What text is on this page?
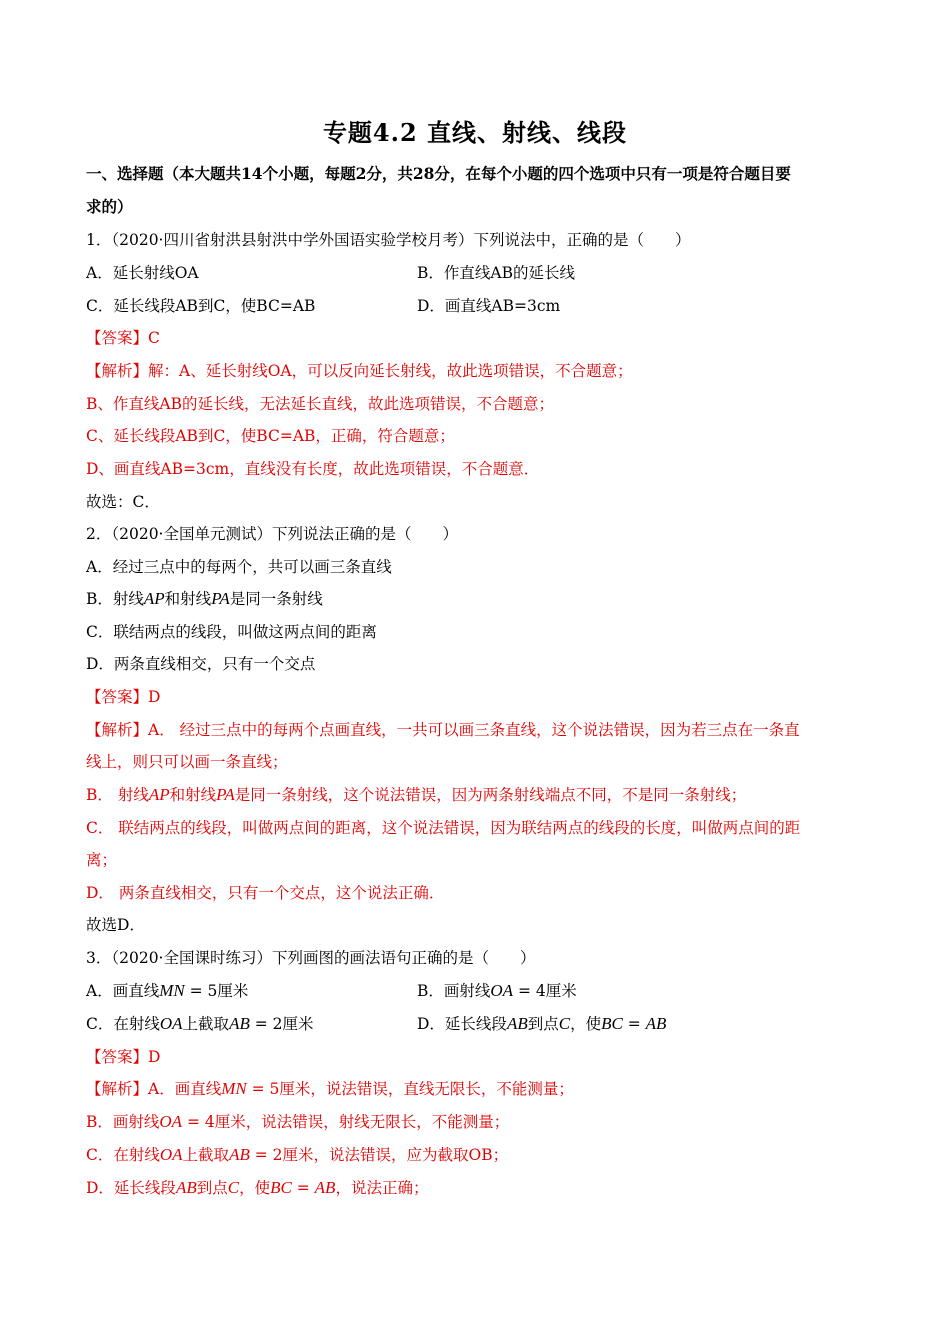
专题4.2 直线、射线、线段
一、选择题（本大题共14个小题，每题2分，共28分，在每个小题的四个选项中只有一项是符合题目要
求的）
1．（2020·四川省射洪县射洪中学外国语实验学校月考）下列说法中，正确的是（　　）
A．延长射线OA	B．作直线AB的延长线
C．延长线段AB到C，使BC=AB	D．画直线AB=3cm
【答案】C
【解析】解：A、延长射线OA，可以反向延长射线，故此选项错误，不合题意；
B、作直线AB的延长线，无法延长直线，故此选项错误，不合题意；
C、延长线段AB到C，使BC=AB，正确，符合题意；
D、画直线AB=3cm，直线没有长度，故此选项错误，不合题意．
故选：C．
2．（2020·全国单元测试）下列说法正确的是（　　）
A．经过三点中的每两个，共可以画三条直线
B．射线AP和射线PA是同一条射线
C．联结两点的线段，叫做这两点间的距离
D．两条直线相交，只有一个交点
【答案】D
【解析】A． 经过三点中的每两个点画直线，一共可以画三条直线，这个说法错误，因为若三点在一条直
线上，则只可以画一条直线；
B． 射线AP和射线PA是同一条射线，这个说法错误，因为两条射线端点不同，不是同一条射线；
C． 联结两点的线段，叫做两点间的距离，这个说法错误，因为联结两点的线段的长度，叫做两点间的距
离；
D． 两条直线相交，只有一个交点，这个说法正确．
故选D．
3．（2020·全国课时练习）下列画图的画法语句正确的是（　　）
A．画直线MN = 5厘米	B．画射线OA = 4厘米
C．在射线OA上截取AB = 2厘米	D．延长线段AB到点C，使BC = AB
【答案】D
【解析】A．画直线MN = 5厘米，说法错误，直线无限长，不能测量；
B．画射线OA = 4厘米，说法错误，射线无限长，不能测量；
C．在射线OA上截取AB = 2厘米，说法错误，应为截取OB；
D．延长线段AB到点C，使BC = AB，说法正确；
